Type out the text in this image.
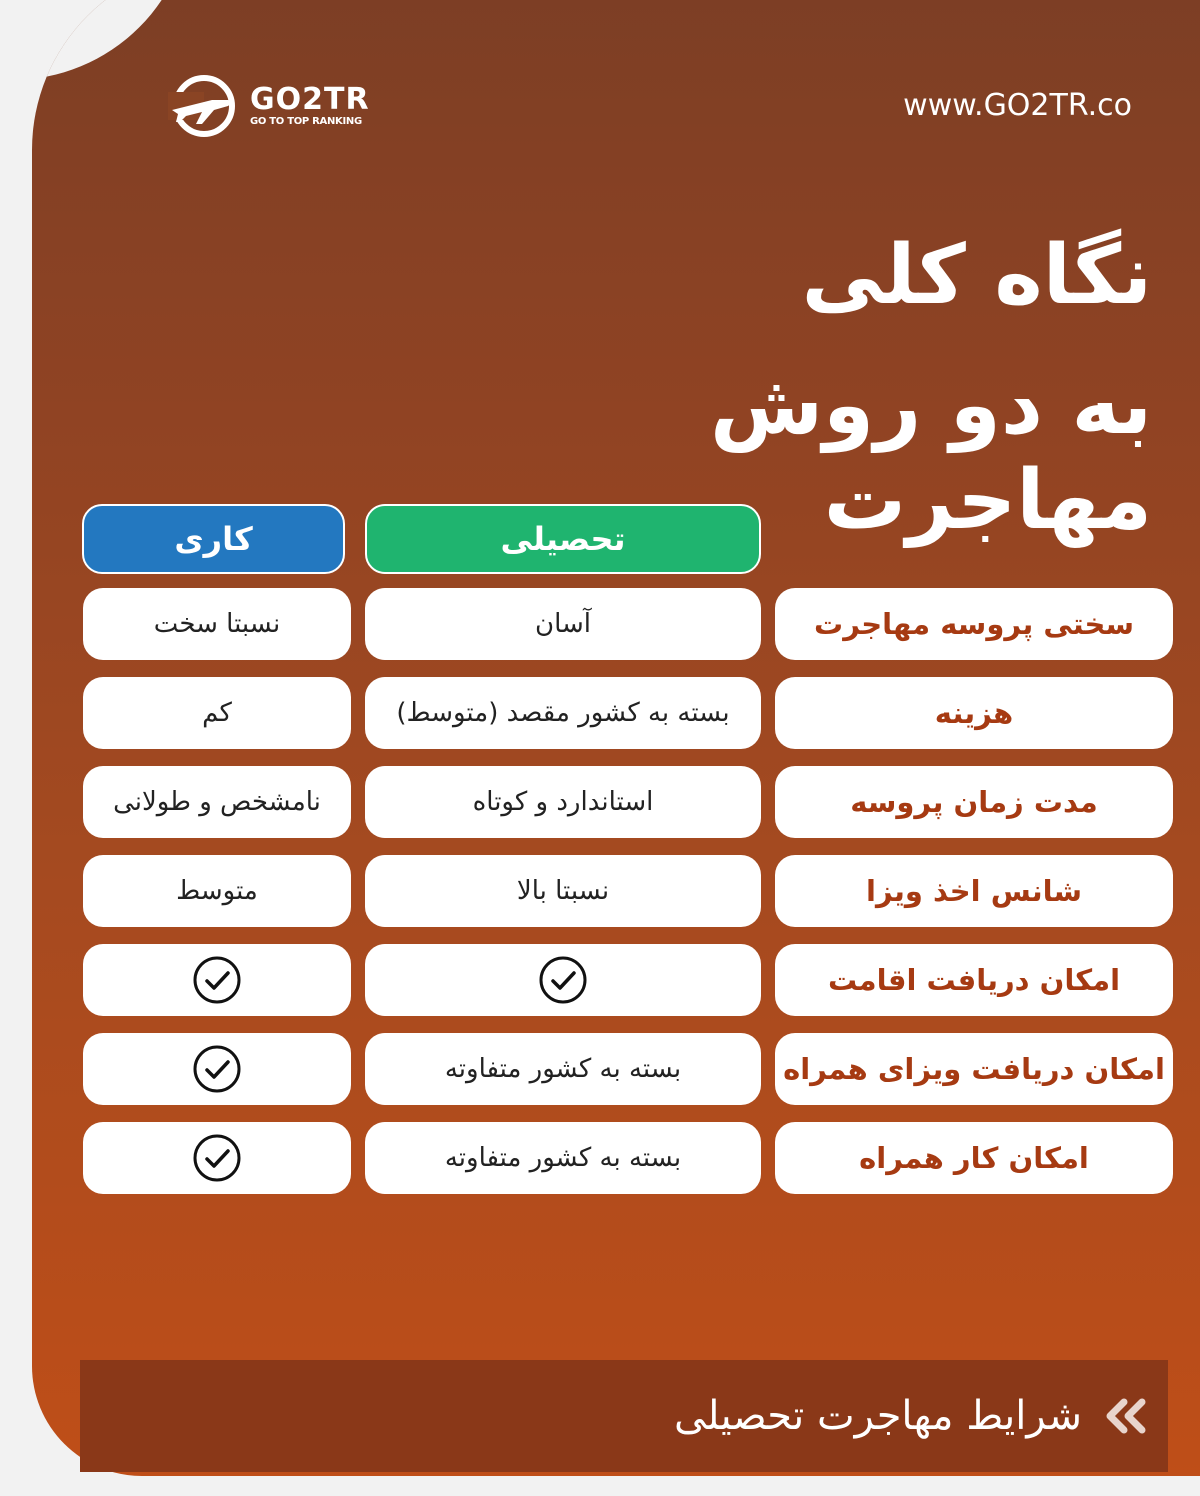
GO2TR
GO TO TOP RANKING	www.GO2TR.co
نگاه کلی
به دو روش مهاجرت
تحصیلی
کاری
سختی پروسه مهاجرت
آسان
نسبتا سخت
هزینه
بسته به کشور مقصد (متوسط)
کم
مدت زمان پروسه
استاندارد و کوتاه
نامشخص و طولانی
شانس اخذ ویزا
نسبتا بالا
متوسط
امکان دریافت اقامت
امکان دریافت ویزای همراه
بسته به کشور متفاوته
امکان کار همراه
بسته به کشور متفاوته
شرایط مهاجرت تحصیلی
